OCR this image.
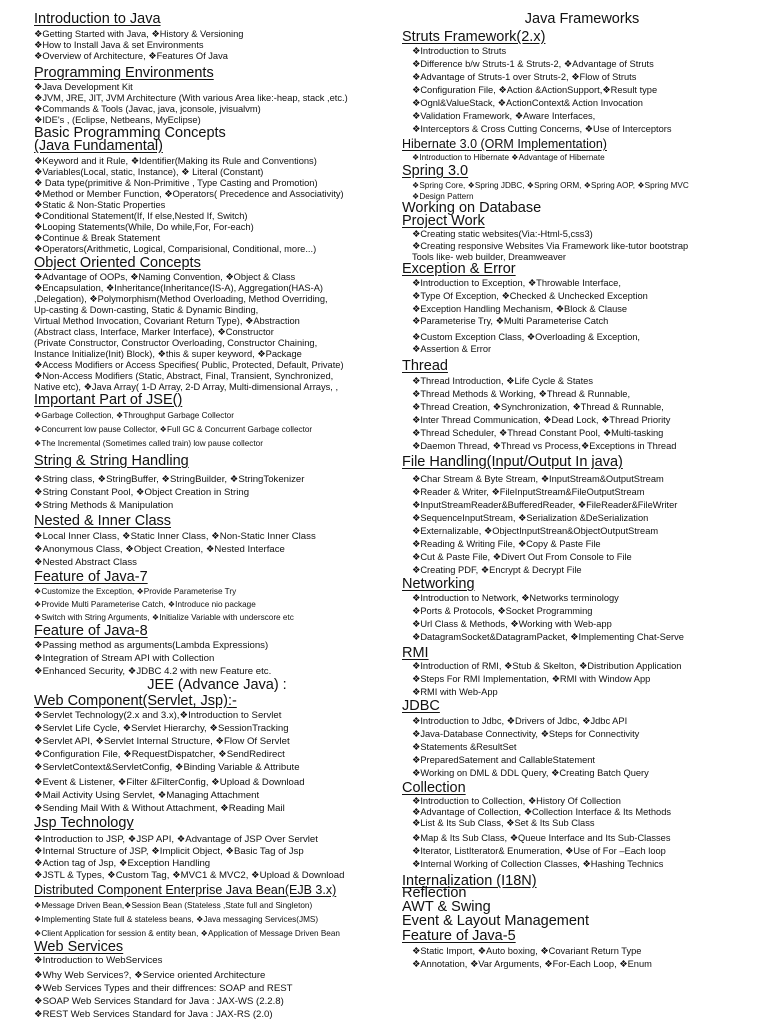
Introduction to Java

❖Getting Started with Java, ❖History & Versioning

❖How to Install Java & set Environments

❖Overview of Architecture, ❖Features Of Java

Programming Environments

❖Java Development Kit

❖JVM, JRE, JIT, JVM Architecture (With various Area like:-heap, stack ,etc.)

❖Commands & Tools (Javac, java, jconsole, jvisualvm)

❖IDE's , (Eclipse, Netbeans, MyEclipse)

Basic Programming Concepts

(Java Fundamental)

❖Keyword and it Rule, ❖Identifier(Making its Rule and Conventions)

❖Variables(Local, static, Instance), ❖ Literal (Constant)

❖ Data type(primitive & Non-Primitive , Type Casting and Promotion)

❖Method or Member Function, ❖Operators( Precedence and Associativity)

❖Static & Non-Static Properties

❖Conditional Statement(If, If else,Nested If, Switch)

❖Looping Statements(While, Do while,For, For-each)

❖Continue & Break Statement

❖Operators(Arithmetic, Logical, Comparisional, Conditional, more...)

Object Oriented Concepts

❖Advantage of OOPs, ❖Naming Convention, ❖Object & Class

❖Encapsulation, ❖Inheritance(Inheritance(IS-A), Aggregation(HAS-A)

,Delegation), ❖Polymorphism(Method Overloading, Method Overriding,

Up-casting & Down-casting, Static & Dynamic Binding,

Virtual Method Invocation, Covariant Return Type), ❖Abstraction

(Abstract class, Interface, Marker Interface), ❖Constructor

(Private Constructor, Constructor Overloading, Constructor Chaining,

Instance Initialize(Init) Block), ❖this & super keyword, ❖Package

❖Access Modifiers or Access Specifies( Public, Protected, Default, Private)

❖Non-Access Modifiers (Static, Abstract, Final, Transient, Synchronized,

Native etc), ❖Java Array( 1-D Array, 2-D Array, Multi-dimensional Arrays, ,

Important Part of JSE()

❖Garbage Collection, ❖Throughput Garbage Collector

❖Concurrent low pause Collector, ❖Full GC & Concurrent Garbage collector

❖The Incremental (Sometimes called train) low pause collector

String & String Handling

❖String class, ❖StringBuffer, ❖StringBuilder, ❖StringTokenizer

❖String Constant Pool, ❖Object Creation in String

❖String Methods & Manipulation

Nested & Inner Class

❖Local Inner Class, ❖Static Inner Class, ❖Non-Static Inner Class

❖Anonymous Class, ❖Object Creation, ❖Nested Interface

❖Nested Abstract Class

Feature of Java-7

❖Customize the Exception, ❖Provide Parameterise Try

❖Provide Multi Parameterise Catch, ❖Introduce nio package

❖Switch with String Arguments, ❖Initialize Variable with underscore etc

Feature of Java-8

❖Passing method as arguments(Lambda Expressions)

❖Integration of Stream API with Collection

❖Enhanced Security, ❖JDBC 4.2 with new Feature etc.

JEE (Advance Java) :

Web Component(Servlet, Jsp):-

❖Servlet Technology(2.x and 3.x),❖Introduction to Servlet

❖Servlet Life Cycle, ❖Servlet Hierarchy, ❖SessionTracking

❖Servlet API, ❖Servlet Internal Structure, ❖Flow Of Servlet

❖Configuration File, ❖RequestDispatcher, ❖SendRedirect

❖ServletContext&ServletConfig, ❖Binding Variable & Attribute

❖Event & Listener, ❖Filter &FilterConfig, ❖Upload & Download

❖Mail Activity Using Servlet, ❖Managing Attachment

❖Sending Mail With & Without Attachment, ❖Reading Mail

Jsp Technology

❖Introduction to JSP, ❖JSP API, ❖Advantage of JSP Over Servlet

❖Internal Structure of JSP, ❖Implicit Object, ❖Basic Tag of Jsp

❖Action tag of Jsp, ❖Exception Handling

❖JSTL & Types, ❖Custom Tag, ❖MVC1 & MVC2, ❖Upload & Download

Distributed Component Enterprise Java Bean(EJB 3.x)

❖Message Driven Bean,❖Session Bean (Stateless ,State full and Singleton)

❖Implementing State full & stateless beans, ❖Java messaging Services(JMS)

❖Client Application for session & entity bean, ❖Application of Message Driven Bean

Web Services

❖Introduction to WebServices

❖Why Web Services?, ❖Service oriented Architecture

❖Web Services Types and their diffrences: SOAP and REST

❖SOAP Web Services Standard for Java : JAX-WS (2.2.8)

❖REST Web Services Standard for Java : JAX-RS (2.0)

Java Frameworks

Struts Framework(2.x)

❖Introduction to Struts

❖Difference b/w Struts-1 & Struts-2, ❖Advantage of Struts

❖Advantage of Struts-1 over Struts-2, ❖Flow of Struts

❖Configuration File, ❖Action &ActionSupport,❖Result type

❖Ognl&ValueStack, ❖ActionContext& Action Invocation

❖Validation Framework, ❖Aware Interfaces,

❖Interceptors & Cross Cutting Concerns, ❖Use of Interceptors

Hibernate 3.0 (ORM Implementation)

❖Introduction to Hibernate ❖Advantage of Hibernate

Spring 3.0

❖Spring Core, ❖Spring JDBC, ❖Spring ORM, ❖Spring AOP, ❖Spring MVC

❖Design Pattern

Working on Database

Project Work

❖Creating static websites(Via:-Html-5,css3)

❖Creating responsive Websites Via Framework like-tutor bootstrap

Tools like- web builder, Dreamweaver

Exception & Error

❖Introduction to Exception, ❖Throwable Interface,

❖Type Of Exception, ❖Checked & Unchecked Exception

❖Exception Handling Mechanism, ❖Block & Clause

❖Parameterise Try, ❖Multi Parameterise Catch

❖Custom Exception Class, ❖Overloading & Exception,

❖Assertion & Error

Thread

❖Thread Introduction, ❖Life Cycle & States

❖Thread Methods & Working, ❖Thread & Runnable,

❖Thread Creation, ❖Synchronization, ❖Thread & Runnable,

❖Inter Thread Communication, ❖Dead Lock, ❖Thread Priority

❖Thread Scheduler, ❖Thread Constant Pool, ❖Multi-tasking

❖Daemon Thread, ❖Thread vs Process,❖Exceptions in Thread

File Handling(Input/Output In java)

❖Char Stream & Byte Stream, ❖InputStream&OutputStream

❖Reader & Writer, ❖FileInputStream&FileOutputStream

❖InputStreamReader&BufferedReader, ❖FileReader&FileWriter

❖SequenceInputStream, ❖Serialization &DeSerialization

❖Externalizable, ❖ObjectInputStrean&ObjectOutputStream

❖Reading & Writing File, ❖Copy & Paste File

❖Cut & Paste File, ❖Divert Out From Console to File

❖Creating PDF, ❖Encrypt & Decrypt File

Networking

❖Introduction to Network, ❖Networks terminology

❖Ports & Protocols, ❖Socket Programming

❖Url Class & Methods, ❖Working with Web-app

❖DatagramSocket&DatagramPacket, ❖Implementing Chat-Serve

RMI

❖Introduction of RMI, ❖Stub & Skelton, ❖Distribution Application

❖Steps For RMI Implementation, ❖RMI with Window App

❖RMI with Web-App

JDBC

❖Introduction to Jdbc, ❖Drivers of Jdbc, ❖Jdbc API

❖Java-Database Connectivity, ❖Steps for Connectivity

❖Statements &ResultSet

❖PreparedSatement and CallableStatement

❖Working on DML & DDL Query, ❖Creating Batch Query

Collection

❖Introduction to Collection, ❖History Of Collection

❖Advantage of Collection, ❖Collection Interface & Its Methods

❖List & Its Sub Class, ❖Set & Its Sub Class

❖Map & Its Sub Class, ❖Queue Interface and Its Sub-Classes

❖Iterator, ListIterator& Enumeration, ❖Use of For –Each loop

❖Internal Working of Collection Classes, ❖Hashing Technics

Internalization (I18N)

Reflection

AWT & Swing

Event & Layout Management

Feature of Java-5

❖Static Import, ❖Auto boxing, ❖Covariant Return Type

❖Annotation, ❖Var Arguments, ❖For-Each Loop, ❖Enum
